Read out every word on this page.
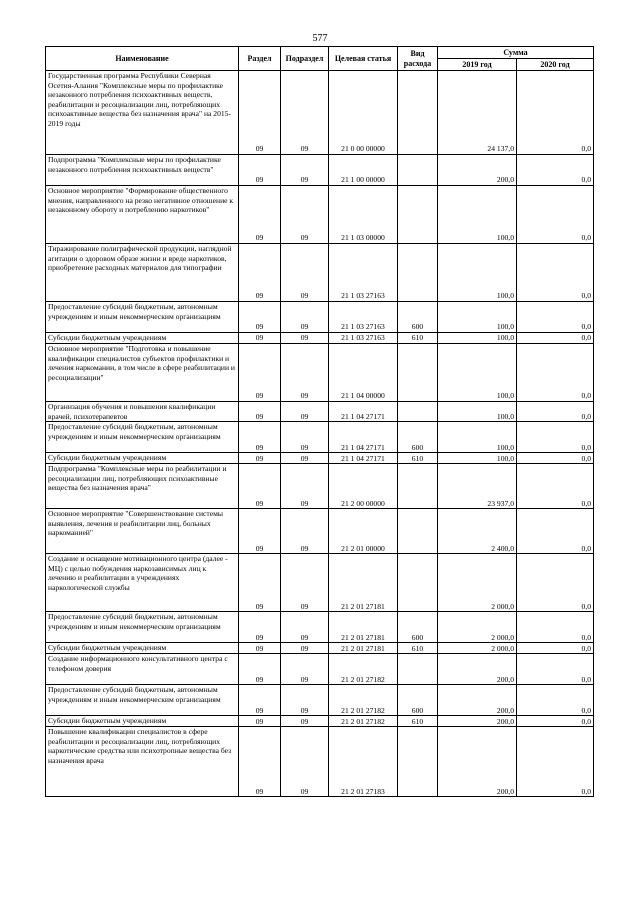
577
Наименование	Раздел	Подраздел	Целевая статья	Вид расхода	Сумма	
					2019 год	2020 год
Государственная программа Республики Северная Осетия-Алания "Комплексные меры по профилактике незаконного потребления психоактивных веществ, реабилитации и ресоциализации лиц, потребляющих психоактивные вещества без назначения врача" на 2015-2019 годы	09	09	21 0 00 00000		24 137,0	0,0
Подпрограмма "Комплексные меры по профилактике незаконного потребления психоактивных веществ"	09	09	21 1 00 00000		200,0	0,0
Основное мероприятие "Формирование общественного мнения, направленного на резко негативное отношение к незаконному обороту и потреблению наркотиков"	09	09	21 1 03 00000		100,0	0,0
Тиражирование полиграфической продукции, наглядной агитации о здоровом образе жизни и вреде наркотиков, приобретение расходных материалов для типографии	09	09	21 1 03 27163		100,0	0,0
Предоставление субсидий бюджетным, автономным учреждениям и иным некоммерческим организациям	09	09	21 1 03 27163	600	100,0	0,0
Субсидии бюджетным учреждениям	09	09	21 1 03 27163	610	100,0	0,0
Основное мероприятие "Подготовка и повышение квалификации специалистов субъектов профилактики и лечения наркомании, в том числе в сфере реабилитации и ресоциализации"	09	09	21 1 04 00000		100,0	0,0
Организация обучения и повышения квалификации врачей, психотерапевтов	09	09	21 1 04 27171		100,0	0,0
Предоставление субсидий бюджетным, автономным учреждениям и иным некоммерческим организациям	09	09	21 1 04 27171	600	100,0	0,0
Субсидии бюджетным учреждениям	09	09	21 1 04 27171	610	100,0	0,0
Подпрограмма "Комплексные меры по реабилитации и ресоциализации лиц, потребляющих психоактивные вещества без назначения врача"	09	09	21 2 00 00000		23 937,0	0,0
Основное мероприятие "Совершенствование системы выявления, лечения и реабилитации лиц, больных наркоманией"	09	09	21 2 01 00000		2 400,0	0,0
Создание и оснащение мотивационного центра (далее - МЦ) с целью побуждения наркозависимых лиц к лечению и реабилитации в учреждениях наркологической службы	09	09	21 2 01 27181		2 000,0	0,0
Предоставление субсидий бюджетным, автономным учреждениям и иным некоммерческим организациям	09	09	21 2 01 27181	600	2 000,0	0,0
Субсидии бюджетным учреждениям	09	09	21 2 01 27181	610	2 000,0	0,0
Создание информационного консультативного центра с телефоном доверия	09	09	21 2 01 27182		200,0	0,0
Предоставление субсидий бюджетным, автономным учреждениям и иным некоммерческим организациям	09	09	21 2 01 27182	600	200,0	0,0
Субсидии бюджетным учреждениям	09	09	21 2 01 27182	610	200,0	0,0
Повышение квалификации специалистов в сфере реабилитации и ресоциализации лиц, потребляющих наркотические средства или психотропные вещества без назначения врача	09	09	21 2 01 27183		200,0	0,0
